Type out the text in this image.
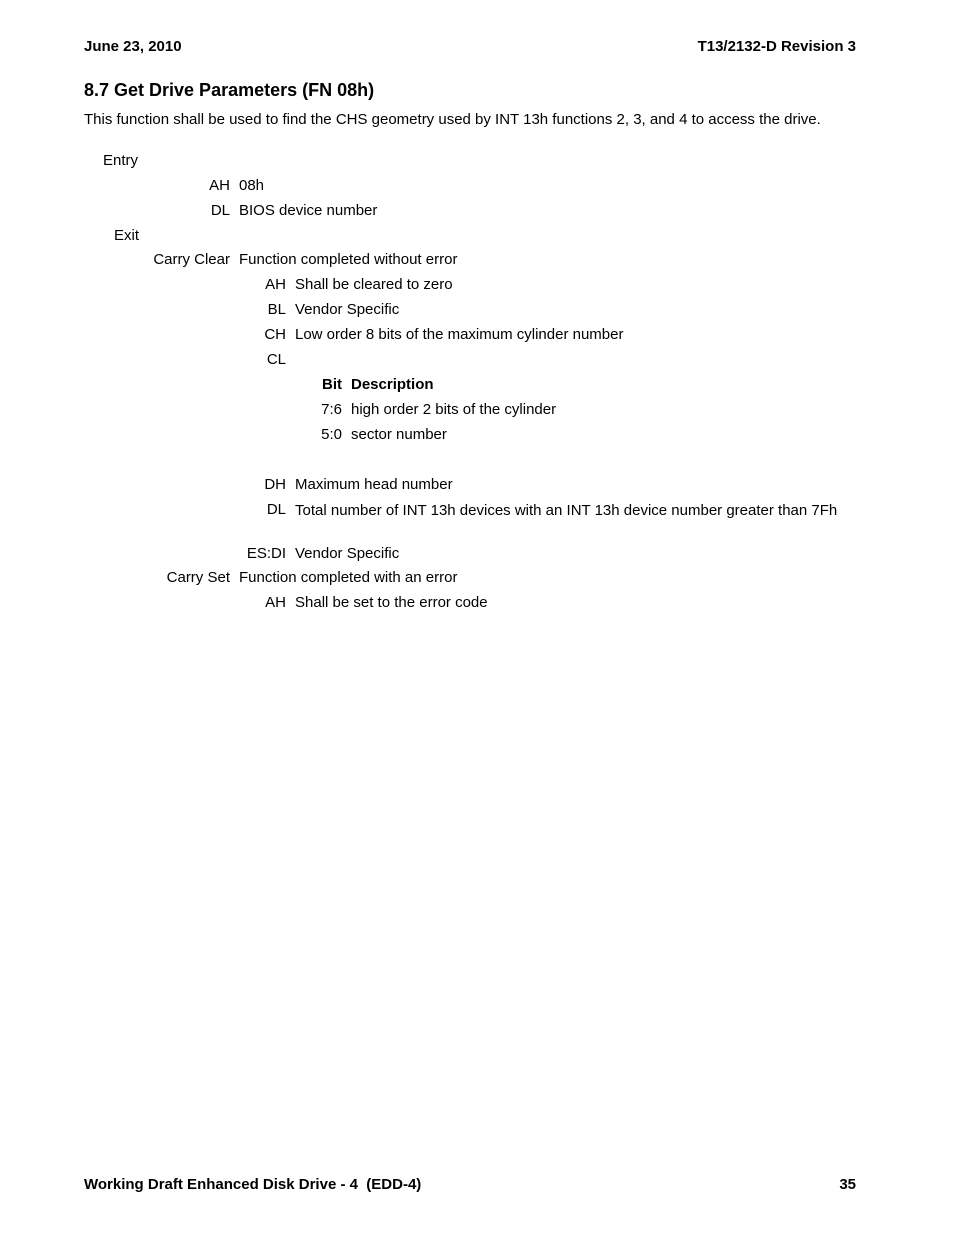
June 23, 2010	T13/2132-D Revision 3
8.7 Get Drive Parameters (FN 08h)
This function shall be used to find the CHS geometry used by INT 13h functions 2, 3, and 4 to access the drive.
Entry
AH 08h
DL BIOS device number
Exit
Carry Clear Function completed without error
AH Shall be cleared to zero
BL Vendor Specific
CH Low order 8 bits of the maximum cylinder number
CL
Bit Description
7:6 high order 2 bits of the cylinder
5:0 sector number
DH Maximum head number
DL Total number of INT 13h devices with an INT 13h device number greater than 7Fh
ES:DI Vendor Specific
Carry Set Function completed with an error
AH Shall be set to the error code
Working Draft Enhanced Disk Drive - 4  (EDD-4)	35
